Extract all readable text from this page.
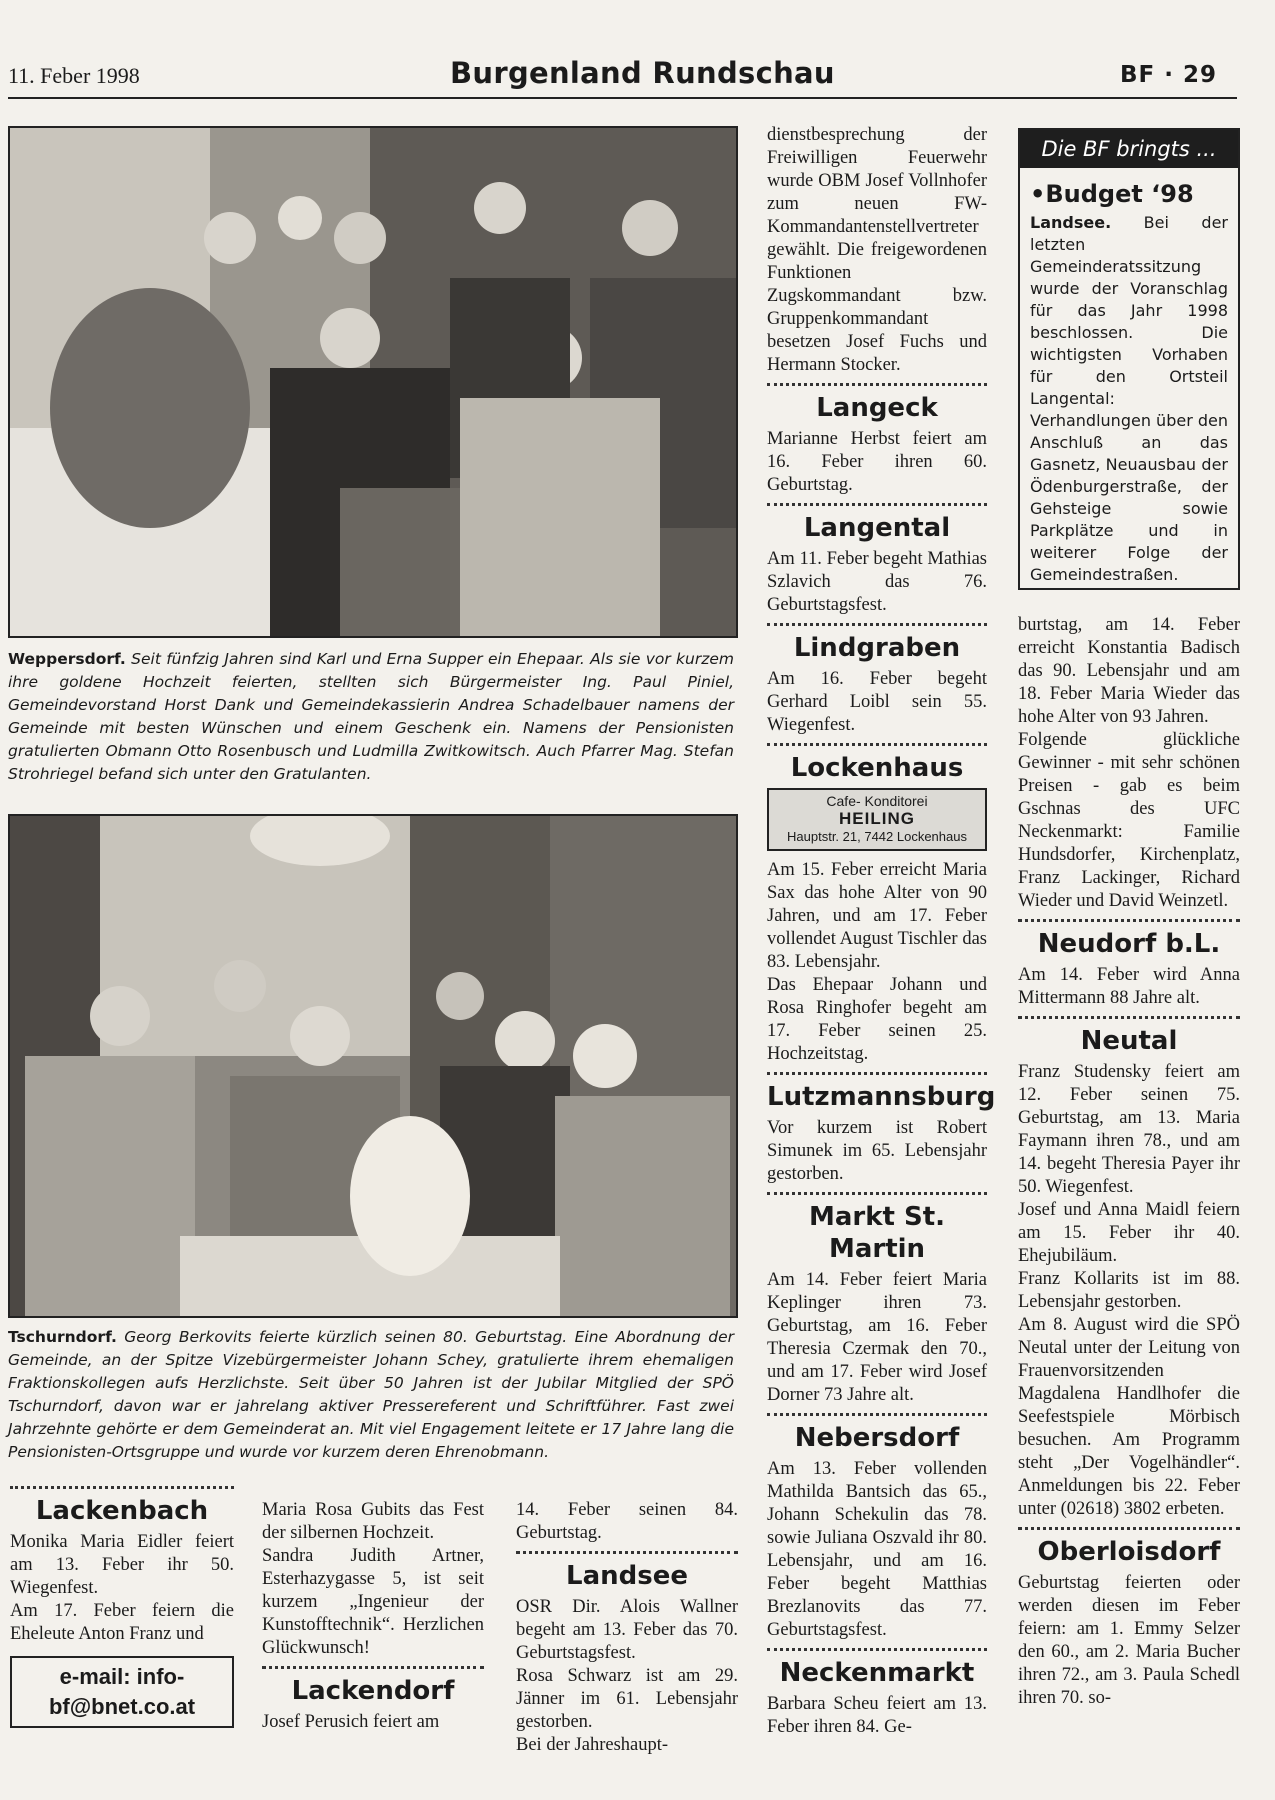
11. Feber 1998	Burgenland Rundschau	BF · 29
Weppersdorf. Seit fünfzig Jahren sind Karl und Erna Supper ein Ehepaar. Als sie vor kurzem ihre goldene Hochzeit feierten, stellten sich Bürgermeister Ing. Paul Piniel, Gemeindevorstand Horst Dank und Gemeindekassierin Andrea Schadelbauer namens der Gemeinde mit besten Wünschen und einem Geschenk ein. Namens der Pensionisten gratulierten Obmann Otto Rosenbusch und Ludmilla Zwitkowitsch. Auch Pfarrer Mag. Stefan Strohriegel befand sich unter den Gratulanten.
Tschurndorf. Georg Berkovits feierte kürzlich seinen 80. Geburtstag. Eine Abordnung der Gemeinde, an der Spitze Vizebürgermeister Johann Schey, gratulierte ihrem ehemaligen Fraktionskollegen aufs Herzlichste. Seit über 50 Jahren ist der Jubilar Mitglied der SPÖ Tschurndorf, davon war er jahrelang aktiver Pressereferent und Schriftführer. Fast zwei Jahrzehnte gehörte er dem Gemeinderat an. Mit viel Engagement leitete er 17 Jahre lang die Pensionisten-Ortsgruppe und wurde vor kurzem deren Ehrenobmann.
Lackenbach

Monika Maria Eidler feiert am 13. Feber ihr 50. Wiegenfest.

Am 17. Feber feiern die Eheleute Anton Franz und

e-mail: info-bf@bnet.co.at

Maria Rosa Gubits das Fest der silbernen Hochzeit.

Sandra Judith Artner, Esterhazygasse 5, ist seit kurzem „Ingenieur der Kunstofftechnik“. Herzlichen Glückwunsch!

Lackendorf

Josef Perusich feiert am

14. Feber seinen 84. Geburtstag.

Landsee

OSR Dir. Alois Wallner begeht am 13. Feber das 70. Geburtstagsfest.

Rosa Schwarz ist am 29. Jänner im 61. Lebensjahr gestorben.

Bei der Jahreshaupt-

dienstbesprechung der Freiwilligen Feuerwehr wurde OBM Josef Vollnhofer zum neuen FW-Kommandantenstellvertreter gewählt. Die freigewordenen Funktionen Zugskommandant bzw. Gruppenkommandant besetzen Josef Fuchs und Hermann Stocker.

Langeck

Marianne Herbst feiert am 16. Feber ihren 60. Geburtstag.

Langental

Am 11. Feber begeht Mathias Szlavich das 76. Geburtstagsfest.

Lindgraben

Am 16. Feber begeht Gerhard Loibl sein 55. Wiegenfest.

Lockenhaus
Cafe- Konditorei
HEILING
Hauptstr. 21, 7442 Lockenhaus

Am 15. Feber erreicht Maria Sax das hohe Alter von 90 Jahren, und am 17. Feber vollendet August Tischler das 83. Lebensjahr.

Das Ehepaar Johann und Rosa Ringhofer begeht am 17. Feber seinen 25. Hochzeitstag.

Lutzmannsburg

Vor kurzem ist Robert Simunek im 65. Lebensjahr gestorben.

Markt St. Martin

Am 14. Feber feiert Maria Keplinger ihren 73. Geburtstag, am 16. Feber Theresia Czermak den 70., und am 17. Feber wird Josef Dorner 73 Jahre alt.

Nebersdorf

Am 13. Feber vollenden Mathilda Bantsich das 65., Johann Schekulin das 78. sowie Juliana Oszvald ihr 80. Lebensjahr, und am 16. Feber begeht Matthias Brezlanovits das 77. Geburtstagsfest.

Neckenmarkt

Barbara Scheu feiert am 13. Feber ihren 84. Ge-

Die BF bringts ...
•Budget ‘98
Landsee. Bei der letzten Gemeinderatssitzung wurde der Voranschlag für das Jahr 1998 beschlossen. Die wichtigsten Vorhaben für den Ortsteil Langental: Verhandlungen über den Anschluß an das Gasnetz, Neuausbau der Ödenburgerstraße, der Gehsteige sowie Parkplätze und in weiterer Folge der Gemeindestraßen.

burtstag, am 14. Feber erreicht Konstantia Badisch das 90. Lebensjahr und am 18. Feber Maria Wieder das hohe Alter von 93 Jahren.

Folgende glückliche Gewinner - mit sehr schönen Preisen - gab es beim Gschnas des UFC Neckenmarkt: Familie Hundsdorfer, Kirchenplatz, Franz Lackinger, Richard Wieder und David Weinzetl.

Neudorf b.L.

Am 14. Feber wird Anna Mittermann 88 Jahre alt.

Neutal

Franz Studensky feiert am 12. Feber seinen 75. Geburtstag, am 13. Maria Faymann ihren 78., und am 14. begeht Theresia Payer ihr 50. Wiegenfest.

Josef und Anna Maidl feiern am 15. Feber ihr 40. Ehejubiläum.

Franz Kollarits ist im 88. Lebensjahr gestorben.

Am 8. August wird die SPÖ Neutal unter der Leitung von Frauenvorsitzenden Magdalena Handlhofer die Seefestspiele Mörbisch besuchen. Am Programm steht „Der Vogelhändler“. Anmeldungen bis 22. Feber unter (02618) 3802 erbeten.

Oberloisdorf

Geburtstag feierten oder werden diesen im Feber feiern: am 1. Emmy Selzer den 60., am 2. Maria Bucher ihren 72., am 3. Paula Schedl ihren 70. so-
